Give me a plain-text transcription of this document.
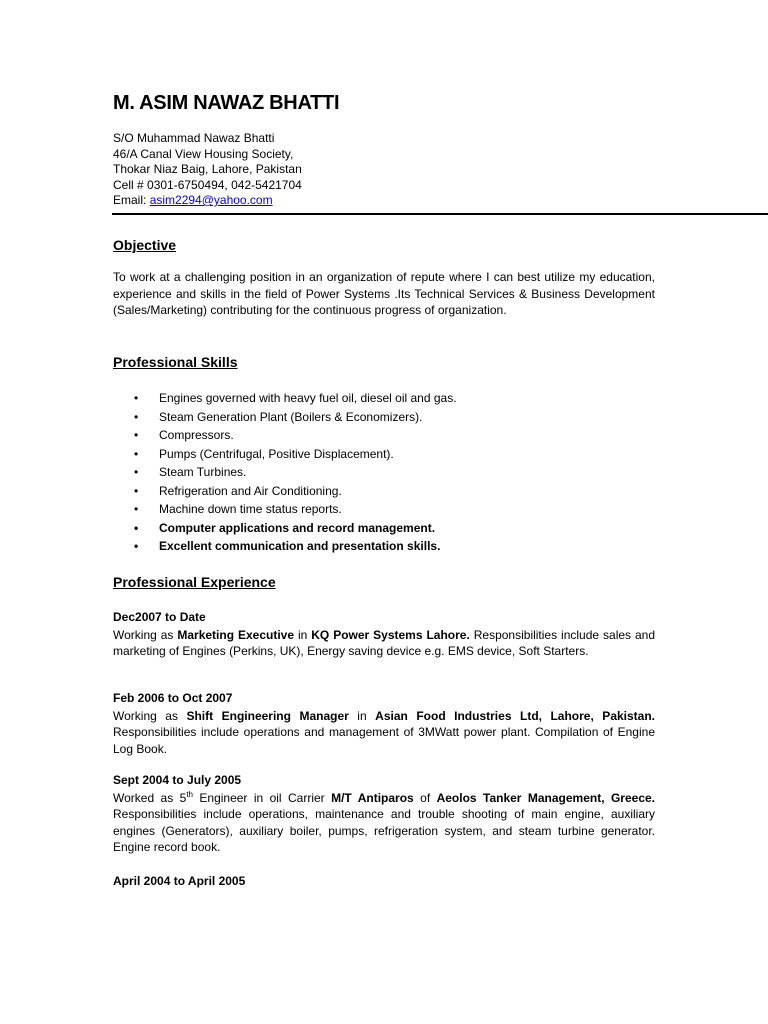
M. ASIM NAWAZ BHATTI
S/O Muhammad Nawaz Bhatti
46/A Canal View Housing Society,
Thokar Niaz Baig, Lahore, Pakistan
Cell # 0301-6750494, 042-5421704
Email: asim2294@yahoo.com
Objective
To work at a challenging position in an organization of repute where I can best utilize my education, experience and skills in the field of Power Systems .Its Technical Services & Business Development (Sales/Marketing) contributing for the continuous progress of organization.
Professional Skills
• Engines governed with heavy fuel oil, diesel oil and gas.
• Steam Generation Plant (Boilers & Economizers).
• Compressors.
• Pumps (Centrifugal, Positive Displacement).
• Steam Turbines.
• Refrigeration and Air Conditioning.
• Machine down time status reports.
• Computer applications and record management.
• Excellent communication and presentation skills.
Professional Experience
Dec2007 to Date
Working as Marketing Executive in KQ Power Systems Lahore. Responsibilities include sales and marketing of Engines (Perkins, UK), Energy saving device e.g. EMS device, Soft Starters.
Feb 2006 to Oct 2007
Working as Shift Engineering Manager in Asian Food Industries Ltd, Lahore, Pakistan. Responsibilities include operations and management of 3MWatt power plant. Compilation of Engine Log Book.
Sept 2004 to July 2005
Worked as 5th Engineer in oil Carrier M/T Antiparos of Aeolos Tanker Management, Greece. Responsibilities include operations, maintenance and trouble shooting of main engine, auxiliary engines (Generators), auxiliary boiler, pumps, refrigeration system, and steam turbine generator. Engine record book.
April 2004 to April 2005
